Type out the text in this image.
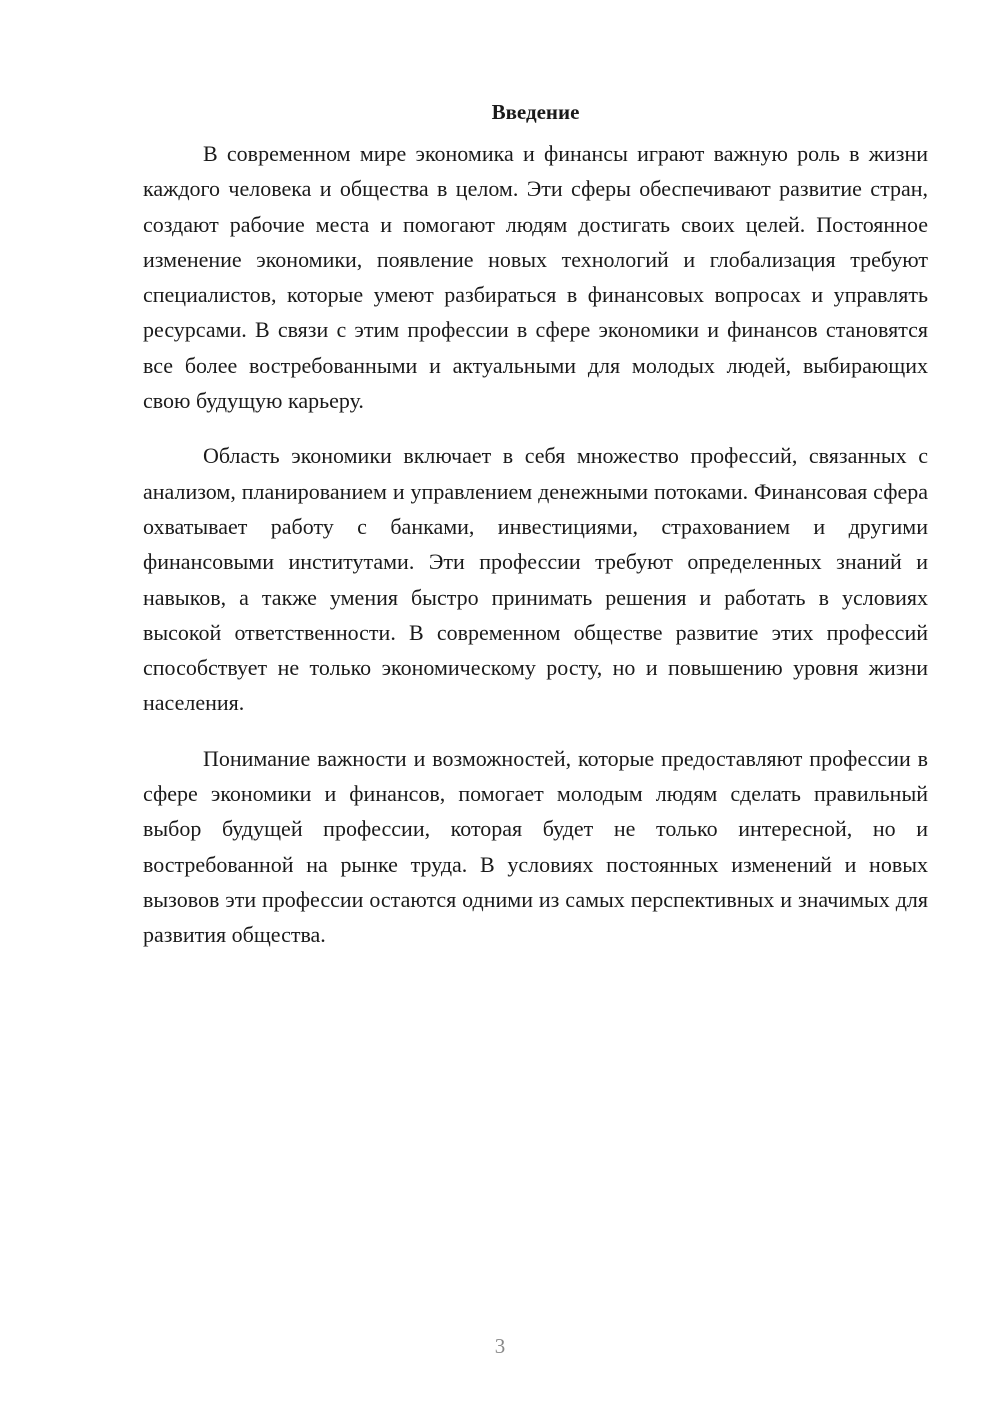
Введение

В современном мире экономика и финансы играют важную роль в жизни каждого человека и общества в целом. Эти сферы обеспечивают развитие стран, создают рабочие места и помогают людям достигать своих целей. Постоянное изменение экономики, появление новых технологий и глобализация требуют специалистов, которые умеют разбираться в финансовых вопросах и управлять ресурсами. В связи с этим профессии в сфере экономики и финансов становятся все более востребованными и актуальными для молодых людей, выбирающих свою будущую карьеру.

Область экономики включает в себя множество профессий, связанных с анализом, планированием и управлением денежными потоками. Финансовая сфера охватывает работу с банками, инвестициями, страхованием и другими финансовыми институтами. Эти профессии требуют определенных знаний и навыков, а также умения быстро принимать решения и работать в условиях высокой ответственности. В современном обществе развитие этих профессий способствует не только экономическому росту, но и повышению уровня жизни населения.

Понимание важности и возможностей, которые предоставляют профессии в сфере экономики и финансов, помогает молодым людям сделать правильный выбор будущей профессии, которая будет не только интересной, но и востребованной на рынке труда. В условиях постоянных изменений и новых вызовов эти профессии остаются одними из самых перспективных и значимых для развития общества.

3
